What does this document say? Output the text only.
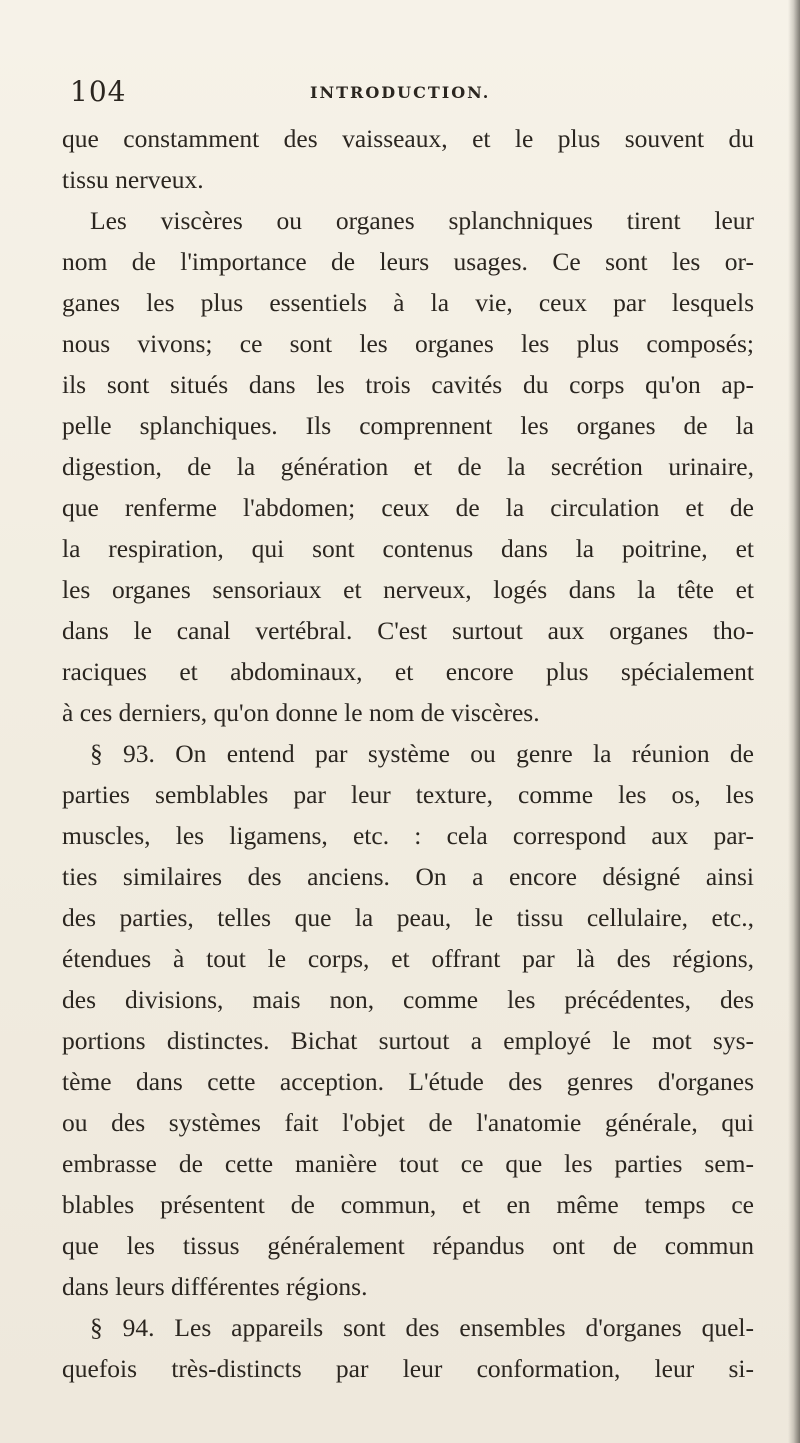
104	INTRODUCTION.
que constamment des vaisseaux, et le plus souvent du
tissu nerveux.
Les viscères ou organes splanchniques tirent leur
nom de l'importance de leurs usages. Ce sont les or-
ganes les plus essentiels à la vie, ceux par lesquels
nous vivons; ce sont les organes les plus composés;
ils sont situés dans les trois cavités du corps qu'on ap-
pelle splanchiques. Ils comprennent les organes de la
digestion, de la génération et de la secrétion urinaire,
que renferme l'abdomen; ceux de la circulation et de
la respiration, qui sont contenus dans la poitrine, et
les organes sensoriaux et nerveux, logés dans la tête et
dans le canal vertébral. C'est surtout aux organes tho-
raciques et abdominaux, et encore plus spécialement
à ces derniers, qu'on donne le nom de viscères.
§ 93. On entend par système ou genre la réunion de
parties semblables par leur texture, comme les os, les
muscles, les ligamens, etc. : cela correspond aux par-
ties similaires des anciens. On a encore désigné ainsi
des parties, telles que la peau, le tissu cellulaire, etc.,
étendues à tout le corps, et offrant par là des régions,
des divisions, mais non, comme les précédentes, des
portions distinctes. Bichat surtout a employé le mot sys-
tème dans cette acception. L'étude des genres d'organes
ou des systèmes fait l'objet de l'anatomie générale, qui
embrasse de cette manière tout ce que les parties sem-
blables présentent de commun, et en même temps ce
que les tissus généralement répandus ont de commun
dans leurs différentes régions.
§ 94. Les appareils sont des ensembles d'organes quel-
quefois très-distincts par leur conformation, leur si-
